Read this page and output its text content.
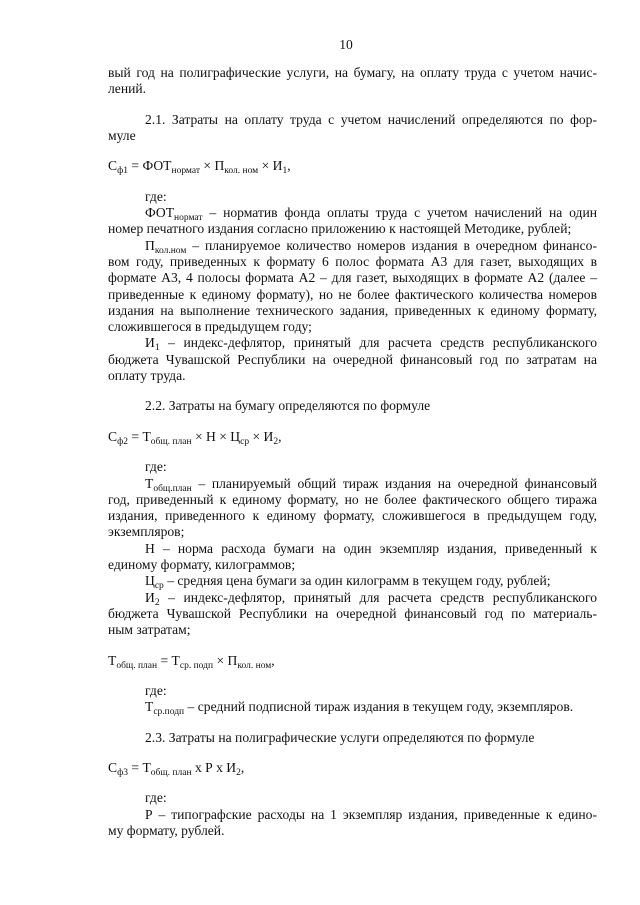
10
вый год на полиграфические услуги, на бумагу, на оплату труда с учетом начис-
лений.
2.1. Затраты на оплату труда с учетом начислений определяются по фор-
муле
$С_{ф1} = ФОТ_{нормат} \times П_{кол. ном} \times И_1$,
где:
$ФОТ_{нормат}$ – норматив фонда оплаты труда с учетом начислений на один
номер печатного издания согласно приложению к настоящей Методике, рублей;
$П_{кол.ном}$ – планируемое количество номеров издания в очередном финансо-
вом году, приведенных к формату 6 полос формата А3 для газет, выходящих в
формате А3, 4 полосы формата А2 – для газет, выходящих в формате А2 (далее –
приведенные к единому формату), но не более фактического количества номеров
издания на выполнение технического задания, приведенных к единому формату,
сложившегося в предыдущем году;
$И_1$ – индекс-дефлятор, принятый для расчета средств республиканского
бюджета Чувашской Республики на очередной финансовый год по затратам на
оплату труда.
2.2. Затраты на бумагу определяются по формуле
$С_{ф2} = Т_{общ. план} \times Н \times Ц_{ср} \times И_2$,
где:
$Т_{общ.план}$ – планируемый общий тираж издания на очередной финансовый
год, приведенный к единому формату, но не более фактического общего тиража
издания, приведенного к единому формату, сложившегося в предыдущем году,
экземпляров;
Н – норма расхода бумаги на один экземпляр издания, приведенный к
единому формату, килограммов;
$Ц_{ср}$ – средняя цена бумаги за один килограмм в текущем году, рублей;
$И_2$ – индекс-дефлятор, принятый для расчета средств республиканского
бюджета Чувашской Республики на очередной финансовый год по материаль-
ным затратам;
$Т_{общ. план} = Т_{ср. подп} \times П_{кол. ном}$,
где:
$Т_{ср.подп}$ – средний подписной тираж издания в текущем году, экземпляров.
2.3. Затраты на полиграфические услуги определяются по формуле
$С_{ф3} = Т_{общ. план}$ х Р х $И_2$,
где:
Р – типографские расходы на 1 экземпляр издания, приведенные к едино-
му формату, рублей.
